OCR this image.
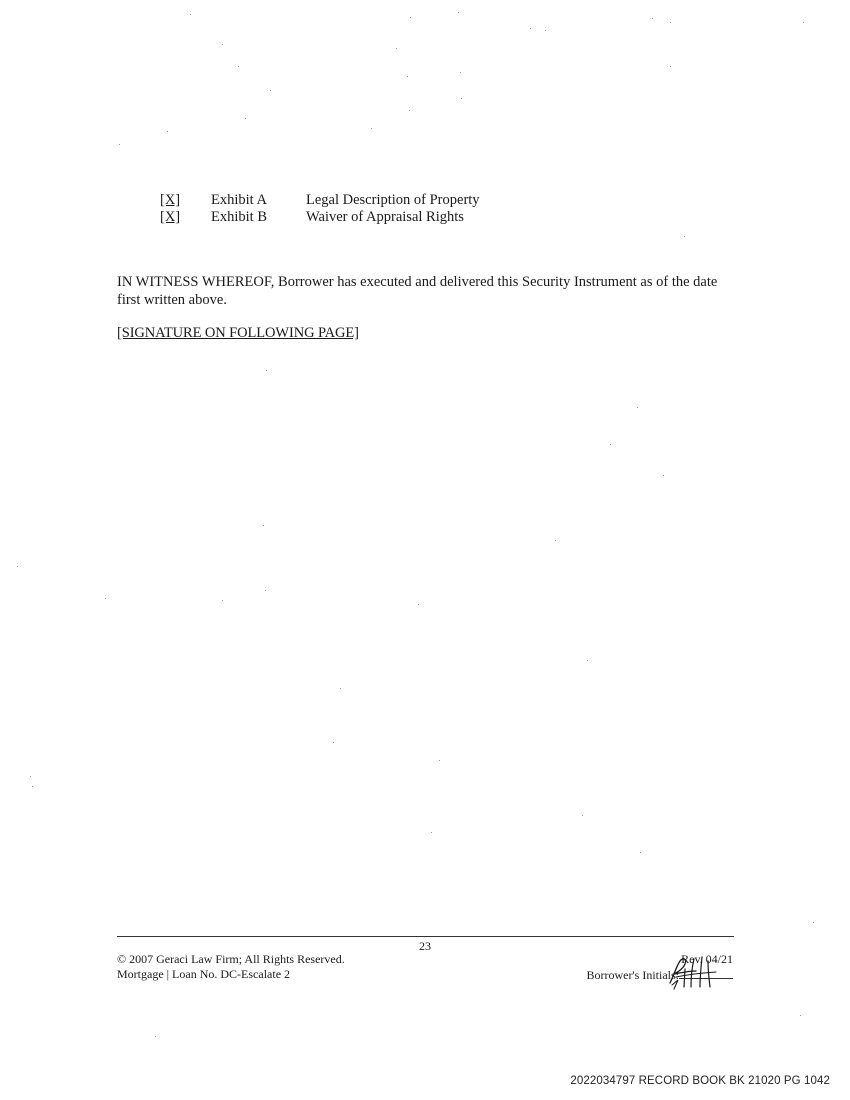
[X]	Exhibit A	Legal Description of Property
[X]	Exhibit B	Waiver of Appraisal Rights
IN WITNESS WHEREOF, Borrower has executed and delivered this Security Instrument as of the date first written above.
[SIGNATURE ON FOLLOWING PAGE]
23
© 2007 Geraci Law Firm; All Rights Reserved.
Mortgage | Loan No. DC-Escalate 2
Rev. 04/21
Borrower's Initials:
2022034797 RECORD BOOK BK 21020 PG 1042
